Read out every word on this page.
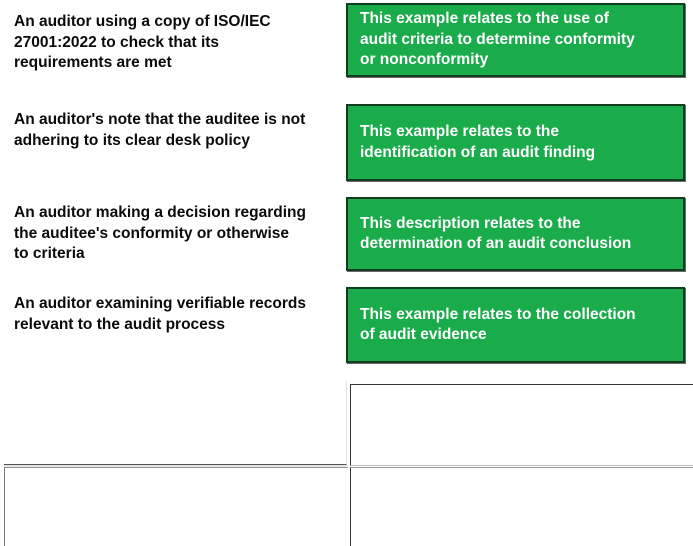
An auditor using a copy of ISO/IEC
27001:2022 to check that its
requirements are met
An auditor's note that the auditee is not
adhering to its clear desk policy
An auditor making a decision regarding
the auditee's conformity or otherwise
to criteria
An auditor examining verifiable records
relevant to the audit process
This example relates to the use of
audit criteria to determine conformity
or nonconformity
This example relates to the
identification of an audit finding
This description relates to the
determination of an audit conclusion
This example relates to the collection
of audit evidence
